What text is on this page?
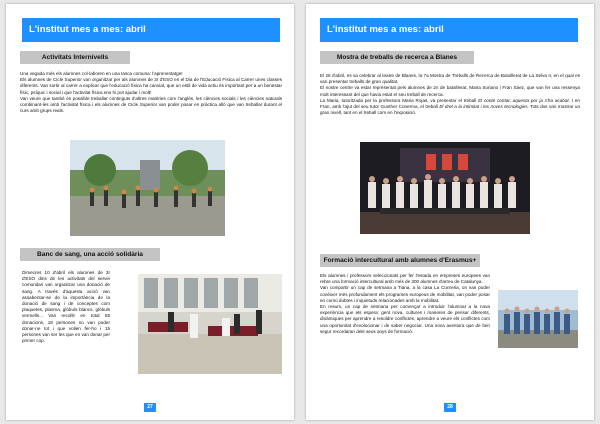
L'institut mes a mes: abril
Activitats Internivells

Una vegada més els alumnes col·laboren en una tasca comuna: l'aprenentatge!

Els alumnes de Cicle Superior van organitzar per als alumnes de 3r d'ESO en el Dia de l'Educació Física al Carrer unes classes diferents. Van sortir al carrer a explicar que l'educació física ha canviat, que un estil de vida actiu és important per a un benestar físic, psíquic i social i que l'activitat física ens hi pot ajudar i molt!

Van veure que també és possible treballar continguts d'altres matèries com l'anglès, les ciències socials i les ciències naturals combinant-les amb l'activitat física i els alumnes de Cicle Superior van poder posar en pràctica allò que van treballar durant el curs amb grups reals.

Banc de sang, una acció solidària
Dimecres 10 d'abril els alumnes de 3r d'ESO dins de les activitats del servei comunitari van organitzar una donació de sang. A través d'aquesta acció van assabentar-se de la importància de la donació de sang i de conceptes com plaquetes, plasma, glòbuls blancs, glòbuls vermells... Van recollir en total 55 donacions, 18 persones no van poder donar-ne tot i que volien fer-ho i 15 persones van ser les que en van donar per primer cop.
27
L'institut mes a mes: abril
Mostra de treballs de recerca a Blanes

El 26 d'abril, es va celebrar al teatre de Blanes, la 7a Mostra de Treballs de Recerca de Batxillerat de La Selva II, en el qual es van presentar treballs de gran qualitat.

El nostre centre va estar representat pels alumnes de 2n de batxillerat, Maria Soriano i Fran Sáez, que van fer una ressenya molt interessant del que havia estat el seu treball de recerca.

La Maria, tutoritzada per la professora Maria Rojas, va presentar el treball El conte contat, aquesta por ja s'ha acabat. I en Fran, amb l'ajut del seu tutor Gunther Conerma, el treball El dret a la intimitat i les noves tecnologies. Tots dos van mostrar un gran nivell, tant en el treball com en l'exposició.

Formació intercultural amb alumnes d'Erasmus+

Els alumnes i professors seleccionats per fer l'estada en empreses europees van rebre una formació intercultural amb més de 300 alumnes d'arreu de Catalunya.

Van compartir un cap de setmana a Tiana, a la casa La Conreria, on van poder conèixer més profundament els programes europeus de mobilitat, van poder posar en comú dubtes i inquietuds relacionades amb la mobilitat.

En resum, un cap de setmana per començar a introduir l'alumnat a la nova experiència que els espera: gent nova, cultures i maneres de pensar diferents, dinàmiques per aprendre a resoldre conflictes, aprendre a veure els conflictes com una oportunitat d'evolucionar i de saber negociar. Una nova aventura que de ben segur recordaran dels seus anys de formació.

28
